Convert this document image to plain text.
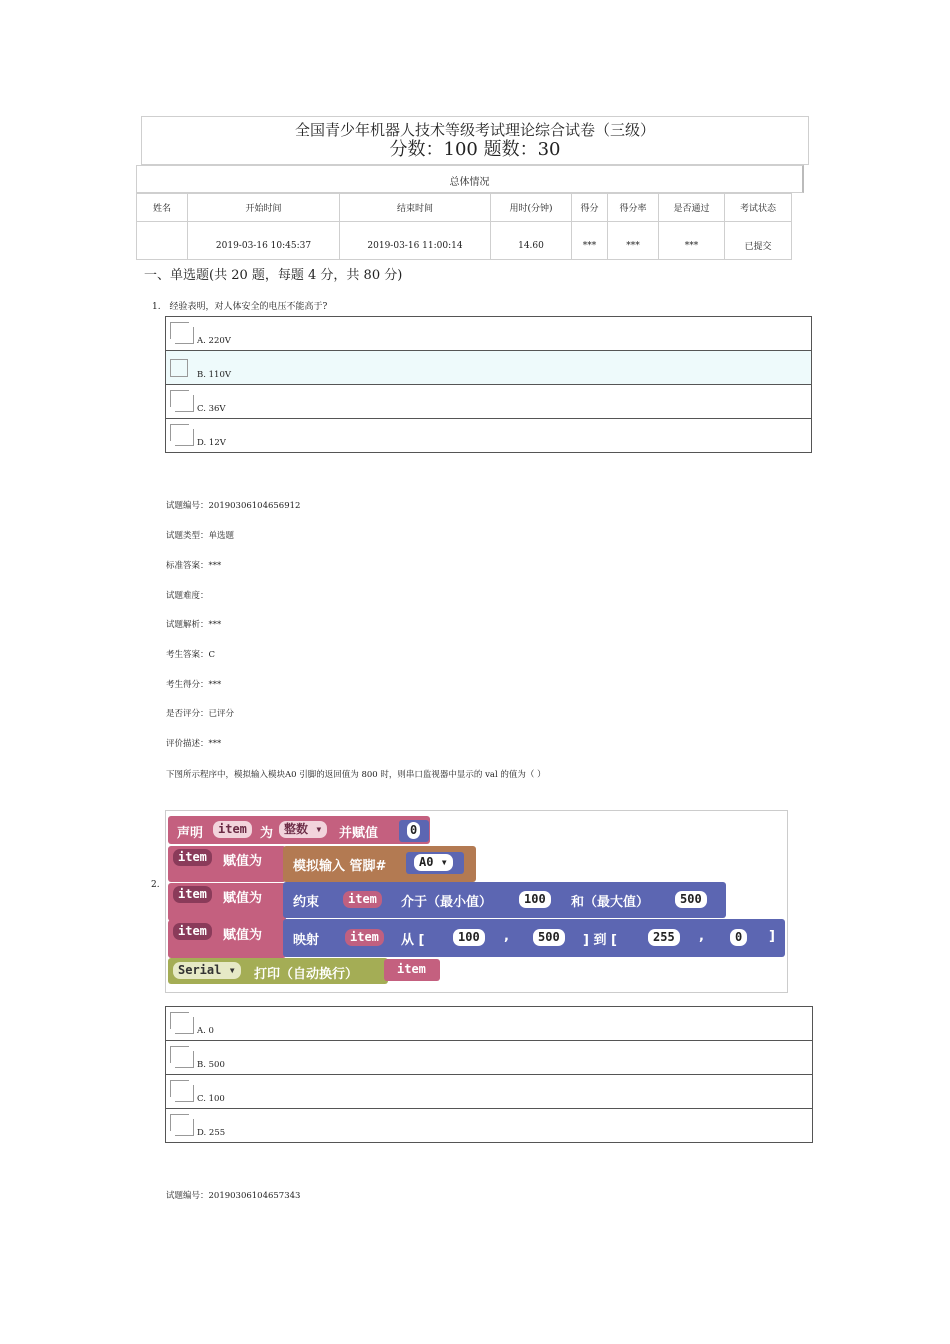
全国青少年机器人技术等级考试理论综合试卷（三级）
分数：100 题数：30
总体情况
姓名	开始时间	结束时间	用时(分钟)	得分	得分率	是否通过	考试状态
	2019-03-16 10:45:37	2019-03-16 11:00:14	14.60	***	***	***	已提交
一、单选题(共 20 题，每题 4 分，共 80 分)
1. 经验表明，对人体安全的电压不能高于?
A. 220V
B. 110V
C. 36V
D. 12V
试题编号：20190306104656912
试题类型：单选题
标准答案：***
试题难度：
试题解析：***
考生答案：C
考生得分：***
是否评分：已评分
评价描述：***
下图所示程序中，模拟输入模块A0 引脚的返回值为 800 时，则串口监视器中显示的 val 的值为（ ）
2.
声明	item	为 整数 ▾	并赋值	0
item	赋值为 模拟输入 管脚#	A0 ▾
item	赋值为 约束	item	介于（最小值）	100	和（最大值）	500
item	赋值为 映射	item	从 [	100	,	500	] 到 [	255	,	0	]
Serial ▾	打印（自动换行）	item
A. 0
B. 500
C. 100
D. 255
试题编号：20190306104657343
